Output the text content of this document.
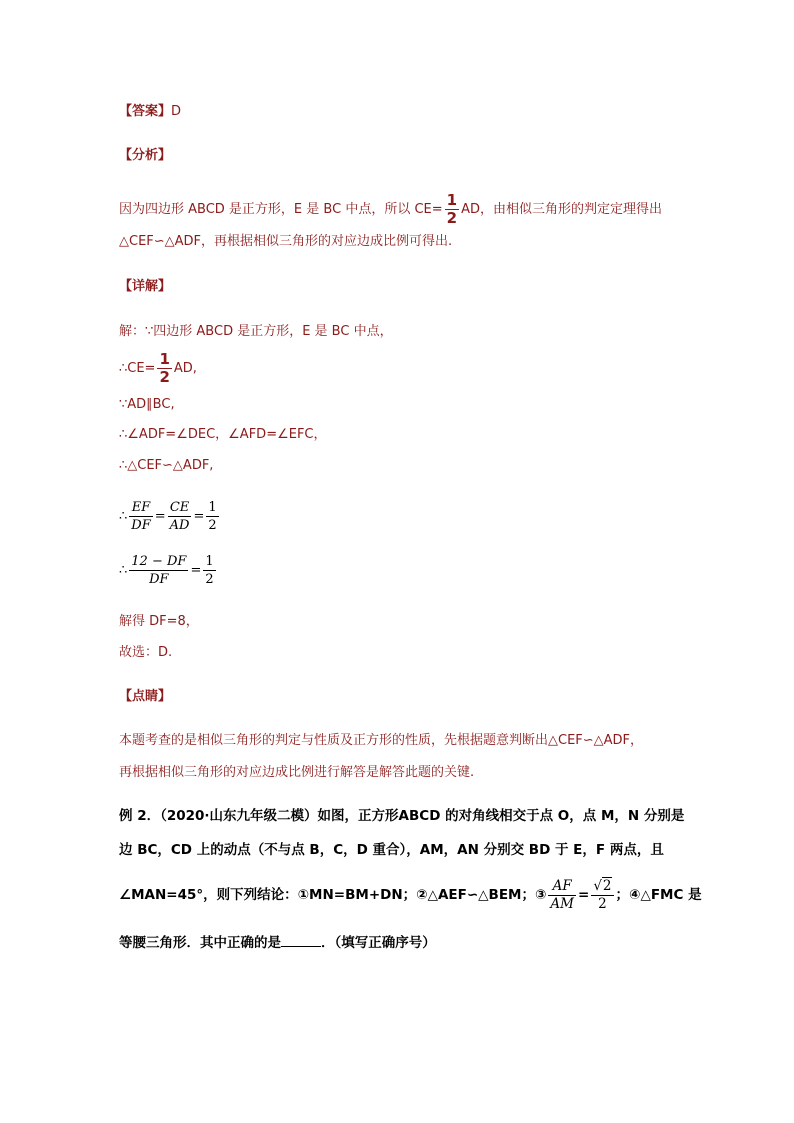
【答案】D
【分析】
因为四边形 ABCD 是正方形，E 是 BC 中点，所以 $CE= \frac{1}{2}$ AD，由相似三角形的判定定理得出
△CEF∽△ADF，再根据相似三角形的对应边成比例可得出.
【详解】
解：∵四边形 ABCD 是正方形，E 是 BC 中点，
∴CE= $\frac{1}{2}$ AD,
∵AD∥BC,
∴∠ADF=∠DEC，∠AFD=∠EFC，
∴△CEF∽△ADF,
∴ $\frac{EF}{DF} = \frac{CE}{AD} = \frac{1}{2}$
∴ $\frac{12 - DF}{DF} = \frac{1}{2}$
解得 DF=8，
故选：D.
【点睛】
本题考查的是相似三角形的判定与性质及正方形的性质，先根据题意判断出△CEF∽△ADF，
再根据相似三角形的对应边成比例进行解答是解答此题的关键.
例 2．（2020·山东九年级二模）如图，正方形ABCD 的对角线相交于点 O，点 M，N 分别是
边 BC，CD 上的动点（不与点 B，C，D 重合），AM，AN 分别交 BD 于 E，F 两点，且
∠MAN=45°，则下列结论：①MN=BM+DN；②△AEF∽△BEM；③ $\frac{AF}{AM} = \frac{√2}{2}$ ；④△FMC 是
等腰三角形．其中正确的是	．（填写正确序号）
